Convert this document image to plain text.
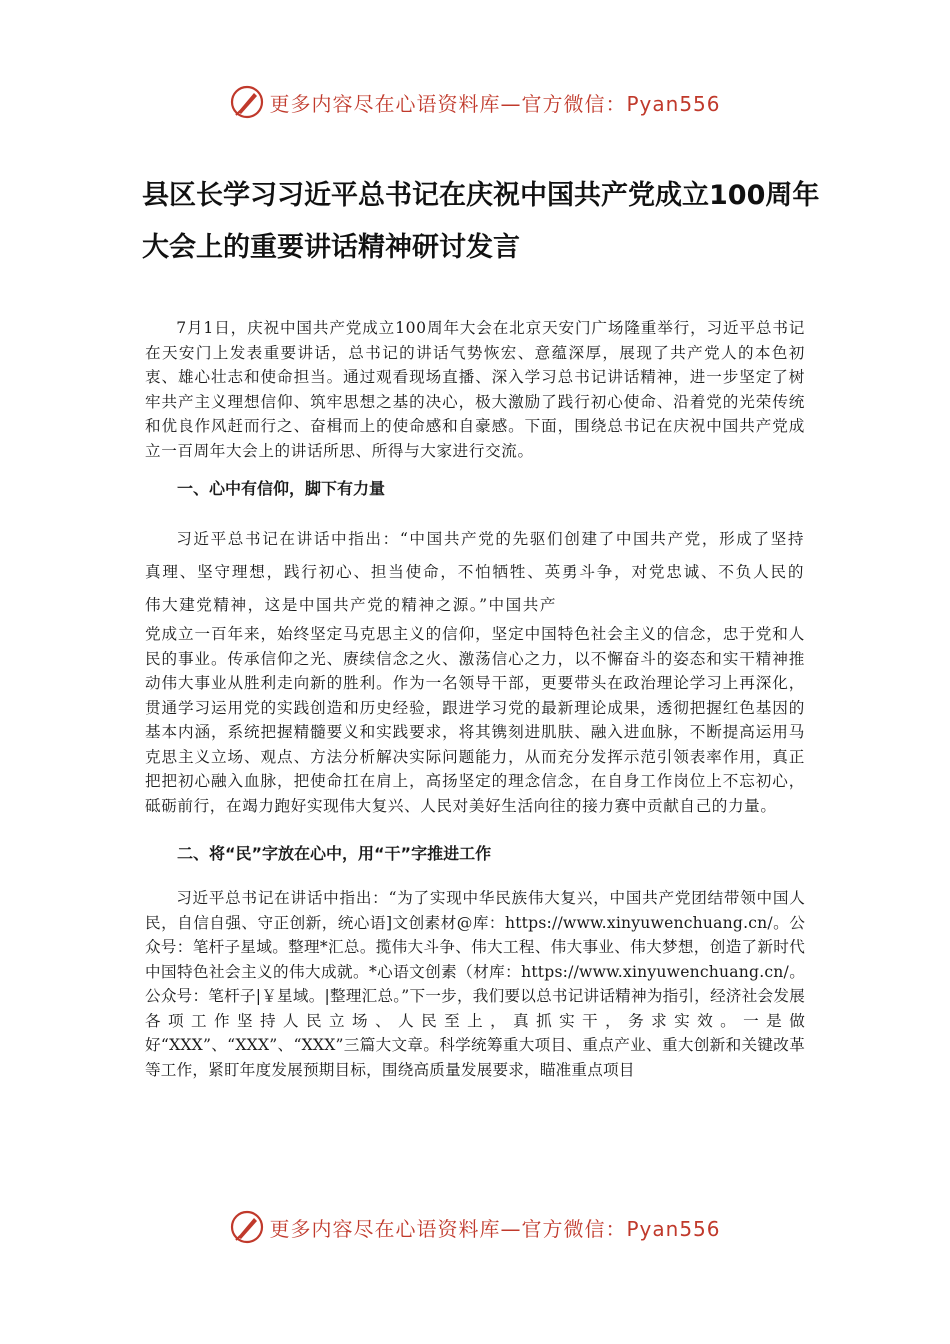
更多内容尽在心语资料库—官方微信：Pyan556
县区长学习习近平总书记在庆祝中国共产党成立100周年大会上的重要讲话精神研讨发言

7月1日，庆祝中国共产党成立100周年大会在北京天安门广场隆重举行，习近平总书记在天安门上发表重要讲话，总书记的讲话气势恢宏、意蕴深厚，展现了共产党人的本色初衷、雄心壮志和使命担当。通过观看现场直播、深入学习总书记讲话精神，进一步坚定了树牢共产主义理想信仰、筑牢思想之基的决心，极大激励了践行初心使命、沿着党的光荣传统和优良作风赶而行之、奋楫而上的使命感和自豪感。下面，围绕总书记在庆祝中国共产党成立一百周年大会上的讲话所思、所得与大家进行交流。

一、心中有信仰，脚下有力量

习近平总书记在讲话中指出：“中国共产党的先驱们创建了中国共产党，形成了坚持真理、坚守理想，践行初心、担当使命，不怕牺牲、英勇斗争，对党忠诚、不负人民的伟大建党精神，这是中国共产党的精神之源。”中国共产

党成立一百年来，始终坚定马克思主义的信仰，坚定中国特色社会主义的信念，忠于党和人民的事业。传承信仰之光、赓续信念之火、激荡信心之力，以不懈奋斗的姿态和实干精神推动伟大事业从胜利走向新的胜利。作为一名领导干部，更要带头在政治理论学习上再深化，贯通学习运用党的实践创造和历史经验，跟进学习党的最新理论成果，透彻把握红色基因的基本内涵，系统把握精髓要义和实践要求，将其镌刻进肌肤、融入进血脉，不断提高运用马克思主义立场、观点、方法分析解决实际问题能力，从而充分发挥示范引领表率作用，真正把把初心融入血脉，把使命扛在肩上，高扬坚定的理念信念，在自身工作岗位上不忘初心，砥砺前行，在竭力跑好实现伟大复兴、人民对美好生活向往的接力赛中贡献自己的力量。

二、将“民”字放在心中，用“干”字推进工作

习近平总书记在讲话中指出：“为了实现中华民族伟大复兴，中国共产党团结带领中国人民，自信自强、守正创新，统心语]文创素材@库：https://www.xinyuwenchuang.cn/。公众号：笔杆子星域。整理*汇总。揽伟大斗争、伟大工程、伟大事业、伟大梦想，创造了新时代中国特色社会主义的伟大成就。*心语文创素（材库：https://www.xinyuwenchuang.cn/。公众号：笔杆子|￥星域。|整理汇总。”下一步，我们要以总书记讲话精神为指引，经济社会发展各项工作坚持人民立场、人民至上，真抓实干，务求实效。一是做好“XXX”、“XXX”、“XXX”三篇大文章。科学统筹重大项目、重点产业、重大创新和关键改革等工作，紧盯年度发展预期目标，围绕高质量发展要求，瞄准重点项目

更多内容尽在心语资料库—官方微信：Pyan556
